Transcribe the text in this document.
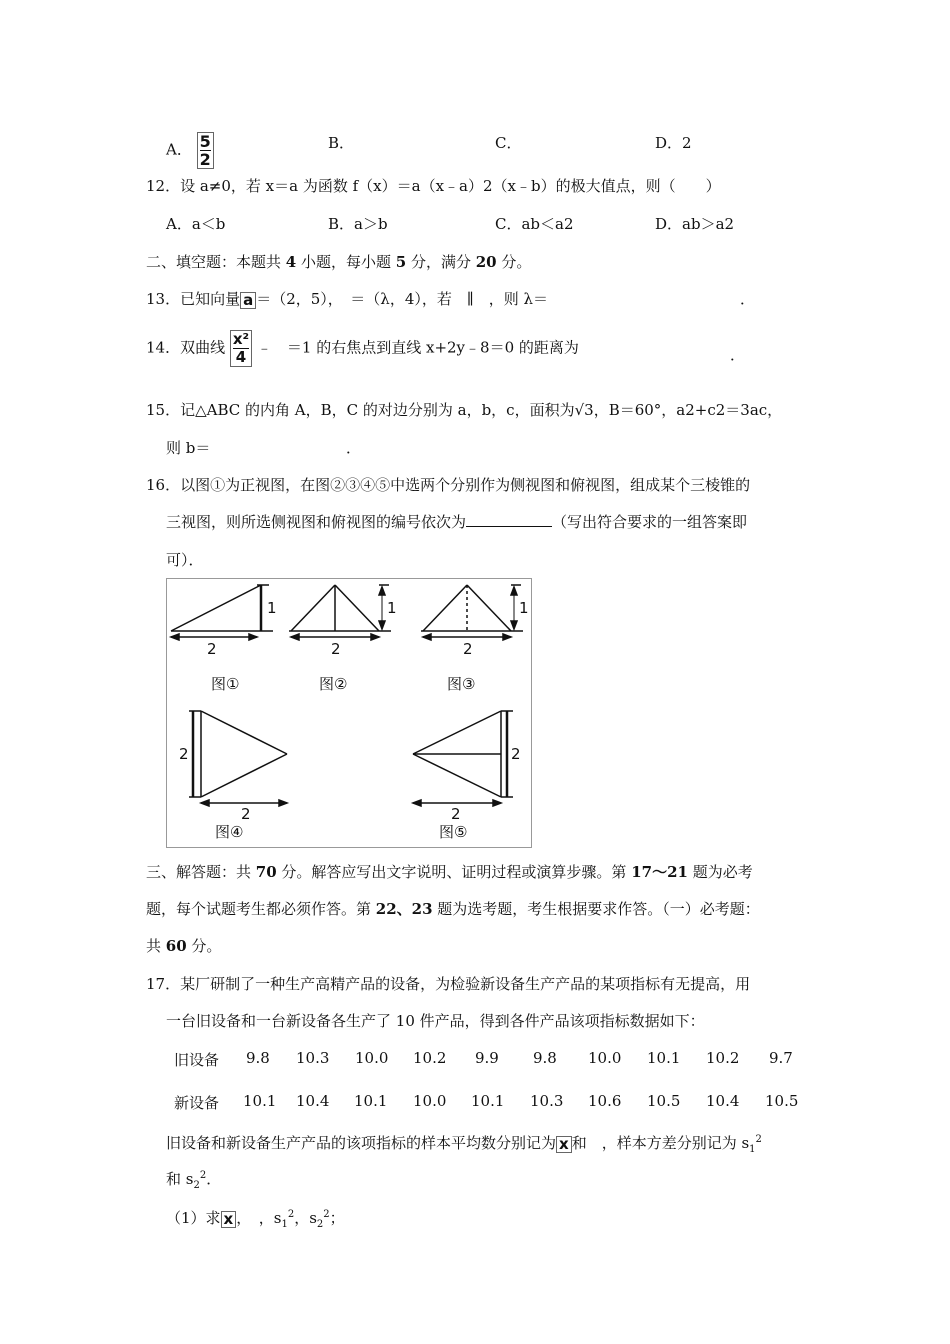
A． $\frac{5}{2}$	B．	C．	D．2
12．设 a≠0，若 x＝a 为函数 f（x）＝a（x﹣a）2（x﹣b）的极大值点，则（　　）
A．a＜b	B．a＞b	C．ab＜a2	D．ab＞a2
二、填空题：本题共 4 小题，每小题 5 分，满分 20 分。
13．已知向量 a ＝（2，5），　＝（λ，4），若　∥　，则 λ＝	．
14．双曲线 $\frac{\text{x²}}{4}$ ﹣　＝1 的右焦点到直线 x+2y﹣8＝0 的距离为	．
15．记△ABC 的内角 A，B，C 的对边分别为 a，b，c，面积为√3，B＝60°，a2+c2＝3ac，
则 b＝	．
16．以图①为正视图，在图②③④⑤中选两个分别作为侧视图和俯视图，组成某个三棱锥的
三视图，则所选侧视图和俯视图的编号依次为	（写出符合要求的一组答案即
可）．
1
2
1
2
1
2
2
2
2
2
图①	图②	图③
图④	图⑤
三、解答题：共 70 分。解答应写出文字说明、证明过程或演算步骤。第 17～21 题为必考
题，每个试题考生都必须作答。第 22、23 题为选考题，考生根据要求作答。（一）必考题：
共 60 分。
17．某厂研制了一种生产高精产品的设备，为检验新设备生产产品的某项指标有无提高，用
一台旧设备和一台新设备各生产了 10 件产品，得到各件产品该项指标数据如下：
旧设备 9.8 10.3 10.0 10.2 9.9 9.8 10.0 10.1 10.2 9.7
新设备 10.1 10.4 10.1 10.0 10.1 10.3 10.6 10.5 10.4 10.5
旧设备和新设备生产产品的该项指标的样本平均数分别记为 x 和　，样本方差分别记为 $s_1^2$
和 $s_2^2$．
（1）求 x ，　，$s_1^2$，$s_2^2$；
